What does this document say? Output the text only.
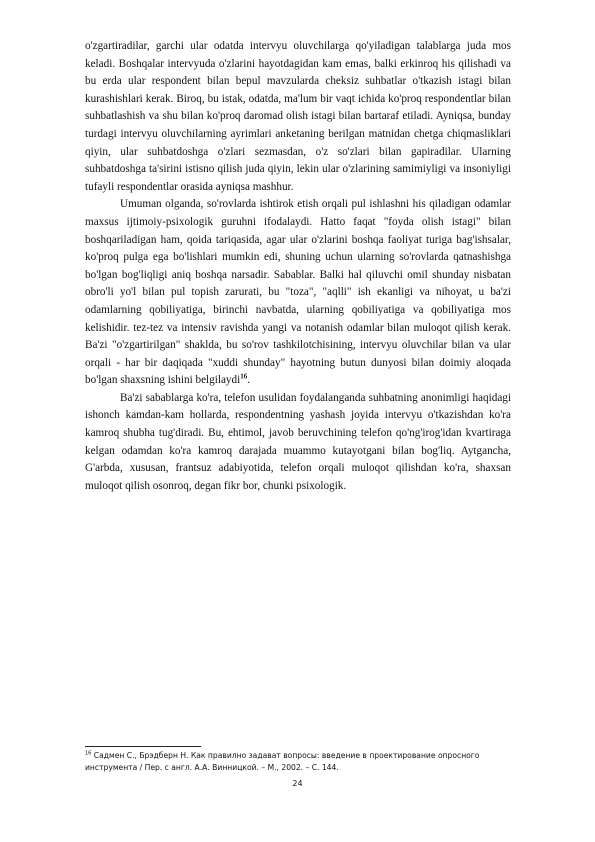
o'zgartiradilar, garchi ular odatda intervyu oluvchilarga qo'yiladigan talablarga juda mos keladi. Boshqalar intervyuda o'zlarini hayotdagidan kam emas, balki erkinroq his qilishadi va bu erda ular respondent bilan bepul mavzularda cheksiz suhbatlar o'tkazish istagi bilan kurashishlari kerak. Biroq, bu istak, odatda, ma'lum bir vaqt ichida ko'proq respondentlar bilan suhbatlashish va shu bilan ko'proq daromad olish istagi bilan bartaraf etiladi. Ayniqsa, bunday turdagi intervyu oluvchilarning ayrimlari anketaning berilgan matnidan chetga chiqmasliklari qiyin, ular suhbatdoshga o'zlari sezmasdan, o'z so'zlari bilan gapiradilar. Ularning suhbatdoshga ta'sirini istisno qilish juda qiyin, lekin ular o'zlarining samimiyligi va insoniyligi tufayli respondentlar orasida ayniqsa mashhur.

Umuman olganda, so'rovlarda ishtirok etish orqali pul ishlashni his qiladigan odamlar maxsus ijtimoiy-psixologik guruhni ifodalaydi. Hatto faqat "foyda olish istagi" bilan boshqariladigan ham, qoida tariqasida, agar ular o'zlarini boshqa faoliyat turiga bag'ishsalar, ko'proq pulga ega bo'lishlari mumkin edi, shuning uchun ularning so'rovlarda qatnashishga bo'lgan bog'liqligi aniq boshqa narsadir. Sabablar. Balki hal qiluvchi omil shunday nisbatan obro'li yo'l bilan pul topish zarurati, bu "toza", "aqlli" ish ekanligi va nihoyat, u ba'zi odamlarning qobiliyatiga, birinchi navbatda, ularning qobiliyatiga va qobiliyatiga mos kelishidir. tez-tez va intensiv ravishda yangi va notanish odamlar bilan muloqot qilish kerak. Ba'zi "o'zgartirilgan" shaklda, bu so'rov tashkilotchisining, intervyu oluvchilar bilan va ular orqali - har bir daqiqada "xuddi shunday" hayotning butun dunyosi bilan doimiy aloqada bo'lgan shaxsning ishini belgilaydi$^{16}$.

Ba'zi sabablarga ko'ra, telefon usulidan foydalanganda suhbatning anonimligi haqidagi ishonch kamdan-kam hollarda, respondentning yashash joyida intervyu o'tkazishdan ko'ra kamroq shubha tug'diradi. Bu, ehtimol, javob beruvchining telefon qo'ng'irog'idan kvartiraga kelgan odamdan ko'ra kamroq darajada muammo kutayotgani bilan bog'liq. Aytgancha, G'arbda, xususan, frantsuz adabiyotida, telefon orqali muloqot qilishdan ko'ra, shaxsan muloqot qilish osonroq, degan fikr bor, chunki psixologik.

$^{16}$ Садмен С., Брэдберн Н. Как правилно задават вопросы: введение в проектирование опросного инструмента / Пер. с англ. А.А. Винницкой. – М., 2002. – С. 144.
24
